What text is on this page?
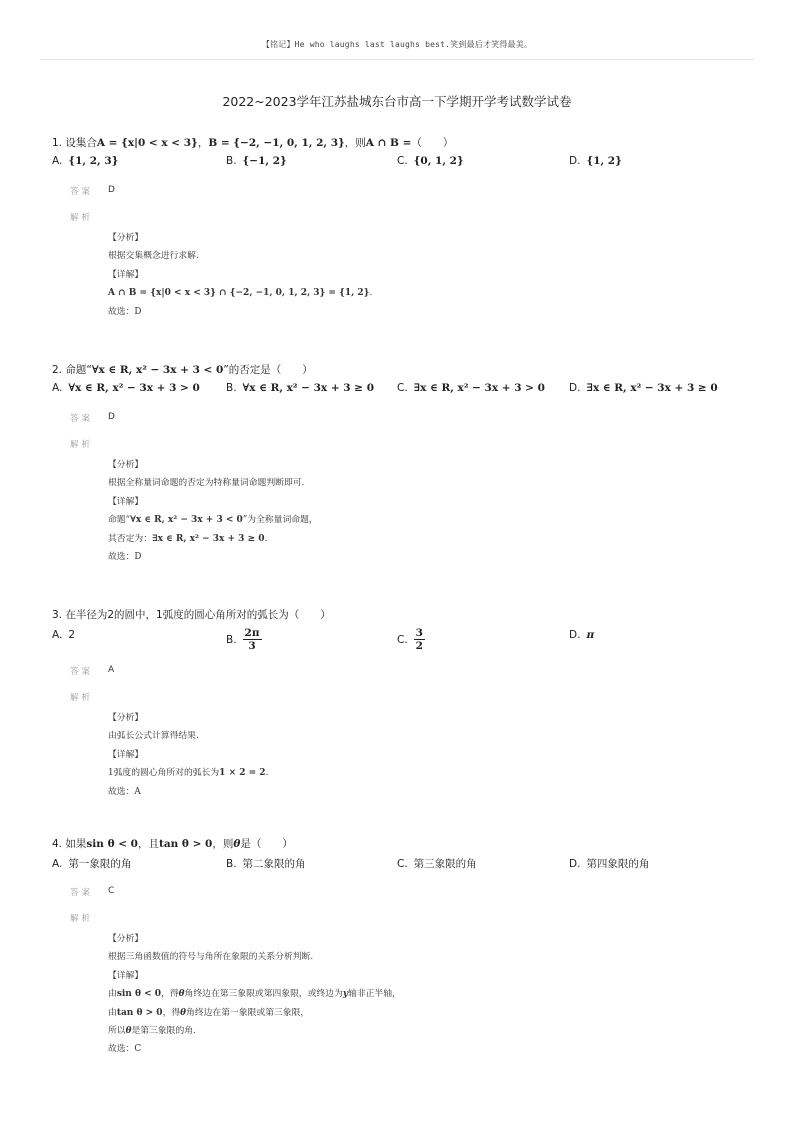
【铭记】He who laughs last laughs best.笑到最后才笑得最美。
2022~2023学年江苏盐城东台市高一下学期开学考试数学试卷
1. 设集合A = {x|0 < x < 3}，B = {−2, −1, 0, 1, 2, 3}，则A ∩ B =（　　）
A. {1, 2, 3}	B. {−1, 2}	C. {0, 1, 2}	D. {1, 2}
答案 D
解析
【分析】
根据交集概念进行求解.
【详解】
A ∩ B = {x|0 < x < 3} ∩ {−2, −1, 0, 1, 2, 3} = {1, 2}.
故选：D
2. 命题“∀x ∈ R, x² − 3x + 3 < 0”的否定是（　　）
A. ∀x ∈ R, x² − 3x + 3 > 0 B. ∀x ∈ R, x² − 3x + 3 ≥ 0 C. ∃x ∈ R, x² − 3x + 3 > 0 D. ∃x ∈ R, x² − 3x + 3 ≥ 0
答案 D
解析
【分析】
根据全称量词命题的否定为特称量词命题判断即可.
【详解】
命题“∀x ∈ R, x² − 3x + 3 < 0”为全称量词命题，
其否定为：∃x ∈ R, x² − 3x + 3 ≥ 0.
故选：D
3. 在半径为2的圆中，1弧度的圆心角所对的弧长为（　　）
A. 2	B. $\frac{2\pi}{3}$	C. $\frac{3}{2}$	D. π
答案 A
解析
【分析】
由弧长公式计算得结果.
【详解】
1弧度的圆心角所对的弧长为1 × 2 = 2.
故选：A
4. 如果sin θ < 0，且tan θ > 0，则θ是（　　）
A. 第一象限的角	B. 第二象限的角	C. 第三象限的角	D. 第四象限的角
答案 C
解析
【分析】
根据三角函数值的符号与角所在象限的关系分析判断.
【详解】
由sin θ < 0，得θ角终边在第三象限或第四象限，或终边为y轴非正半轴，
由tan θ > 0，得θ角终边在第一象限或第三象限，
所以θ是第三象限的角.
故选：C
